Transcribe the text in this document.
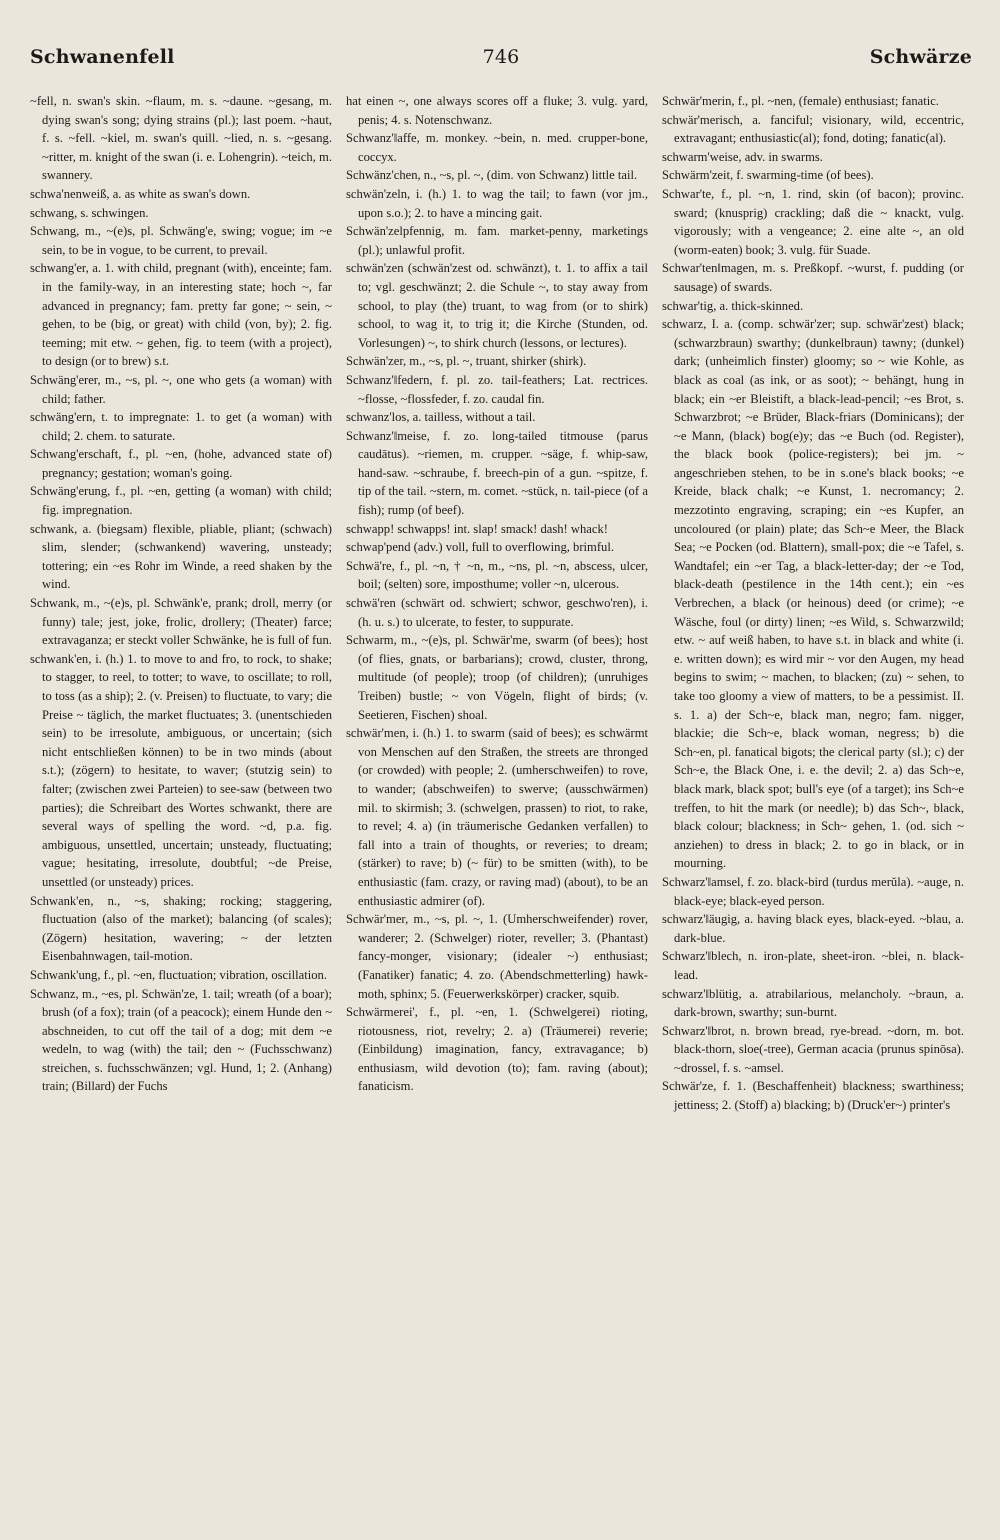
Schwanenfell	746	Schwärze

~fell, n. swan's skin. ~flaum, m. s. ~daune. ~gesang, m. dying swan's song; dying strains (pl.); last poem. ~haut, f. s. ~fell. ~kiel, m. swan's quill. ~lied, n. s. ~gesang. ~ritter, m. knight of the swan (i. e. Lohengrin). ~teich, m. swannery.

schwa'nenweiß, a. as white as swan's down.

schwang, s. schwingen.

Schwang, m., ~(e)s, pl. Schwäng'e, swing; vogue; im ~e sein, to be in vogue, to be current, to prevail.

schwang'er, a. 1. with child, pregnant (with), enceinte; fam. in the family-way, in an interesting state; hoch ~, far advanced in pregnancy; fam. pretty far gone; ~ sein, ~ gehen, to be (big, or great) with child (von, by); 2. fig. teeming; mit etw. ~ gehen, fig. to teem (with a project), to design (or to brew) s.t.

Schwäng'erer, m., ~s, pl. ~, one who gets (a woman) with child; father.

schwäng'ern, t. to impregnate: 1. to get (a woman) with child; 2. chem. to saturate.

Schwang'erschaft, f., pl. ~en, (hohe, advanced state of) pregnancy; gestation; woman's going.

Schwäng'erung, f., pl. ~en, getting (a woman) with child; fig. impregnation.

schwank, a. (biegsam) flexible, pliable, pliant; (schwach) slim, slender; (schwankend) wavering, unsteady; tottering; ein ~es Rohr im Winde, a reed shaken by the wind.

Schwank, m., ~(e)s, pl. Schwänk'e, prank; droll, merry (or funny) tale; jest, joke, frolic, drollery; (Theater) farce; extravaganza; er steckt voller Schwänke, he is full of fun.

schwank'en, i. (h.) 1. to move to and fro, to rock, to shake; to stagger, to reel, to totter; to wave, to oscillate; to roll, to toss (as a ship); 2. (v. Preisen) to fluctuate, to vary; die Preise ~ täglich, the market fluctuates; 3. (unentschieden sein) to be irresolute, ambiguous, or uncertain; (sich nicht entschließen können) to be in two minds (about s.t.); (zögern) to hesitate, to waver; (stutzig sein) to falter; (zwischen zwei Parteien) to see-saw (between two parties); die Schreibart des Wortes schwankt, there are several ways of spelling the word. ~d, p.a. fig. ambiguous, unsettled, uncertain; unsteady, fluctuating; vague; hesitating, irresolute, doubtful; ~de Preise, unsettled (or unsteady) prices.

Schwank'en, n., ~s, shaking; rocking; staggering, fluctuation (also of the market); balancing (of scales); (Zögern) hesitation, wavering; ~ der letzten Eisenbahnwagen, tail-motion.

Schwank'ung, f., pl. ~en, fluctuation; vibration, oscillation.

Schwanz, m., ~es, pl. Schwän'ze, 1. tail; wreath (of a boar); brush (of a fox); train (of a peacock); einem Hunde den ~ abschneiden, to cut off the tail of a dog; mit dem ~e wedeln, to wag (with) the tail; den ~ (Fuchsschwanz) streichen, s. fuchsschwänzen; vgl. Hund, 1; 2. (Anhang) train; (Billard) der Fuchs

hat einen ~, one always scores off a fluke; 3. vulg. yard, penis; 4. s. Notenschwanz.

Schwanz'‖affe, m. monkey. ~bein, n. med. crupper-bone, coccyx.

Schwänz'chen, n., ~s, pl. ~, (dim. von Schwanz) little tail.

schwän'zeln, i. (h.) 1. to wag the tail; to fawn (vor jm., upon s.o.); 2. to have a mincing gait.

Schwän'zelpfennig, m. fam. market-penny, marketings (pl.); unlawful profit.

schwän'zen (schwän'zest od. schwänzt), t. 1. to affix a tail to; vgl. geschwänzt; 2. die Schule ~, to stay away from school, to play (the) truant, to wag from (or to shirk) school, to wag it, to trig it; die Kirche (Stunden, od. Vorlesungen) ~, to shirk church (lessons, or lectures).

Schwän'zer, m., ~s, pl. ~, truant, shirker (shirk).

Schwanz'‖federn, f. pl. zo. tail-feathers; Lat. rectrices. ~flosse, ~flossfeder, f. zo. caudal fin.

schwanz'los, a. tailless, without a tail.

Schwanz'‖meise, f. zo. long-tailed titmouse (parus caudātus). ~riemen, m. crupper. ~säge, f. whip-saw, hand-saw. ~schraube, f. breech-pin of a gun. ~spitze, f. tip of the tail. ~stern, m. comet. ~stück, n. tail-piece (of a fish); rump (of beef).

schwapp! schwapps! int. slap! smack! dash! whack!

schwap'pend (adv.) voll, full to overflowing, brimful.

Schwä're, f., pl. ~n, † ~n, m., ~ns, pl. ~n, abscess, ulcer, boil; (selten) sore, imposthume; voller ~n, ulcerous.

schwä'ren (schwärt od. schwiert; schwor, geschwo'ren), i. (h. u. s.) to ulcerate, to fester, to suppurate.

Schwarm, m., ~(e)s, pl. Schwär'me, swarm (of bees); host (of flies, gnats, or barbarians); crowd, cluster, throng, multitude (of people); troop (of children); (unruhiges Treiben) bustle; ~ von Vögeln, flight of birds; (v. Seetieren, Fischen) shoal.

schwär'men, i. (h.) 1. to swarm (said of bees); es schwärmt von Menschen auf den Straßen, the streets are thronged (or crowded) with people; 2. (umherschweifen) to rove, to wander; (abschweifen) to swerve; (ausschwärmen) mil. to skirmish; 3. (schwelgen, prassen) to riot, to rake, to revel; 4. a) (in träumerische Gedanken verfallen) to fall into a train of thoughts, or reveries; to dream; (stärker) to rave; b) (~ für) to be smitten (with), to be enthusiastic (fam. crazy, or raving mad) (about), to be an enthusiastic admirer (of).

Schwär'mer, m., ~s, pl. ~, 1. (Umherschweifender) rover, wanderer; 2. (Schwelger) rioter, reveller; 3. (Phantast) fancy-monger, visionary; (idealer ~) enthusiast; (Fanatiker) fanatic; 4. zo. (Abendschmetterling) hawk-moth, sphinx; 5. (Feuerwerkskörper) cracker, squib.

Schwärmerei', f., pl. ~en, 1. (Schwelgerei) rioting, riotousness, riot, revelry; 2. a) (Träumerei) reverie; (Einbildung) imagination, fancy, extravagance; b) enthusiasm, wild devotion (to); fam. raving (about); fanaticism.

Schwär'merin, f., pl. ~nen, (female) enthusiast; fanatic.

schwär'merisch, a. fanciful; visionary, wild, eccentric, extravagant; enthusiastic(al); fond, doting; fanatic(al).

schwarm'weise, adv. in swarms.

Schwärm'zeit, f. swarming-time (of bees).

Schwar'te, f., pl. ~n, 1. rind, skin (of bacon); provinc. sward; (knusprig) crackling; daß die ~ knackt, vulg. vigorously; with a vengeance; 2. eine alte ~, an old (worm-eaten) book; 3. vulg. für Suade.

Schwar'ten‖magen, m. s. Preßkopf. ~wurst, f. pudding (or sausage) of swards.

schwar'tig, a. thick-skinned.

schwarz, I. a. (comp. schwär'zer; sup. schwär'zest) black; (schwarzbraun) swarthy; (dunkelbraun) tawny; (dunkel) dark; (unheimlich finster) gloomy; so ~ wie Kohle, as black as coal (as ink, or as soot); ~ behängt, hung in black; ein ~er Bleistift, a black-lead-pencil; ~es Brot, s. Schwarzbrot; ~e Brüder, Black-friars (Dominicans); der ~e Mann, (black) bog(e)y; das ~e Buch (od. Register), the black book (police-registers); bei jm. ~ angeschrieben stehen, to be in s.one's black books; ~e Kreide, black chalk; ~e Kunst, 1. necromancy; 2. mezzotinto engraving, scraping; ein ~es Kupfer, an uncoloured (or plain) plate; das Sch~e Meer, the Black Sea; ~e Pocken (od. Blattern), small-pox; die ~e Tafel, s. Wandtafel; ein ~er Tag, a black-letter-day; der ~e Tod, black-death (pestilence in the 14th cent.); ein ~es Verbrechen, a black (or heinous) deed (or crime); ~e Wäsche, foul (or dirty) linen; ~es Wild, s. Schwarzwild; etw. ~ auf weiß haben, to have s.t. in black and white (i. e. written down); es wird mir ~ vor den Augen, my head begins to swim; ~ machen, to blacken; (zu) ~ sehen, to take too gloomy a view of matters, to be a pessimist. II. s. 1. a) der Sch~e, black man, negro; fam. nigger, blackie; die Sch~e, black woman, negress; b) die Sch~en, pl. fanatical bigots; the clerical party (sl.); c) der Sch~e, the Black One, i. e. the devil; 2. a) das Sch~e, black mark, black spot; bull's eye (of a target); ins Sch~e treffen, to hit the mark (or needle); b) das Sch~, black, black colour; blackness; in Sch~ gehen, 1. (od. sich ~ anziehen) to dress in black; 2. to go in black, or in mourning.

Schwarz'‖amsel, f. zo. black-bird (turdus merŭla). ~auge, n. black-eye; black-eyed person.

schwarz'‖äugig, a. having black eyes, black-eyed. ~blau, a. dark-blue.

Schwarz'‖blech, n. iron-plate, sheet-iron. ~blei, n. black-lead.

schwarz'‖blütig, a. atrabilarious, melancholy. ~braun, a. dark-brown, swarthy; sun-burnt.

Schwarz'‖brot, n. brown bread, rye-bread. ~dorn, m. bot. black-thorn, sloe(-tree), German acacia (prunus spinōsa). ~drossel, f. s. ~amsel.

Schwär'ze, f. 1. (Beschaffenheit) blackness; swarthiness; jettiness; 2. (Stoff) a) blacking; b) (Druck'er~) printer's
